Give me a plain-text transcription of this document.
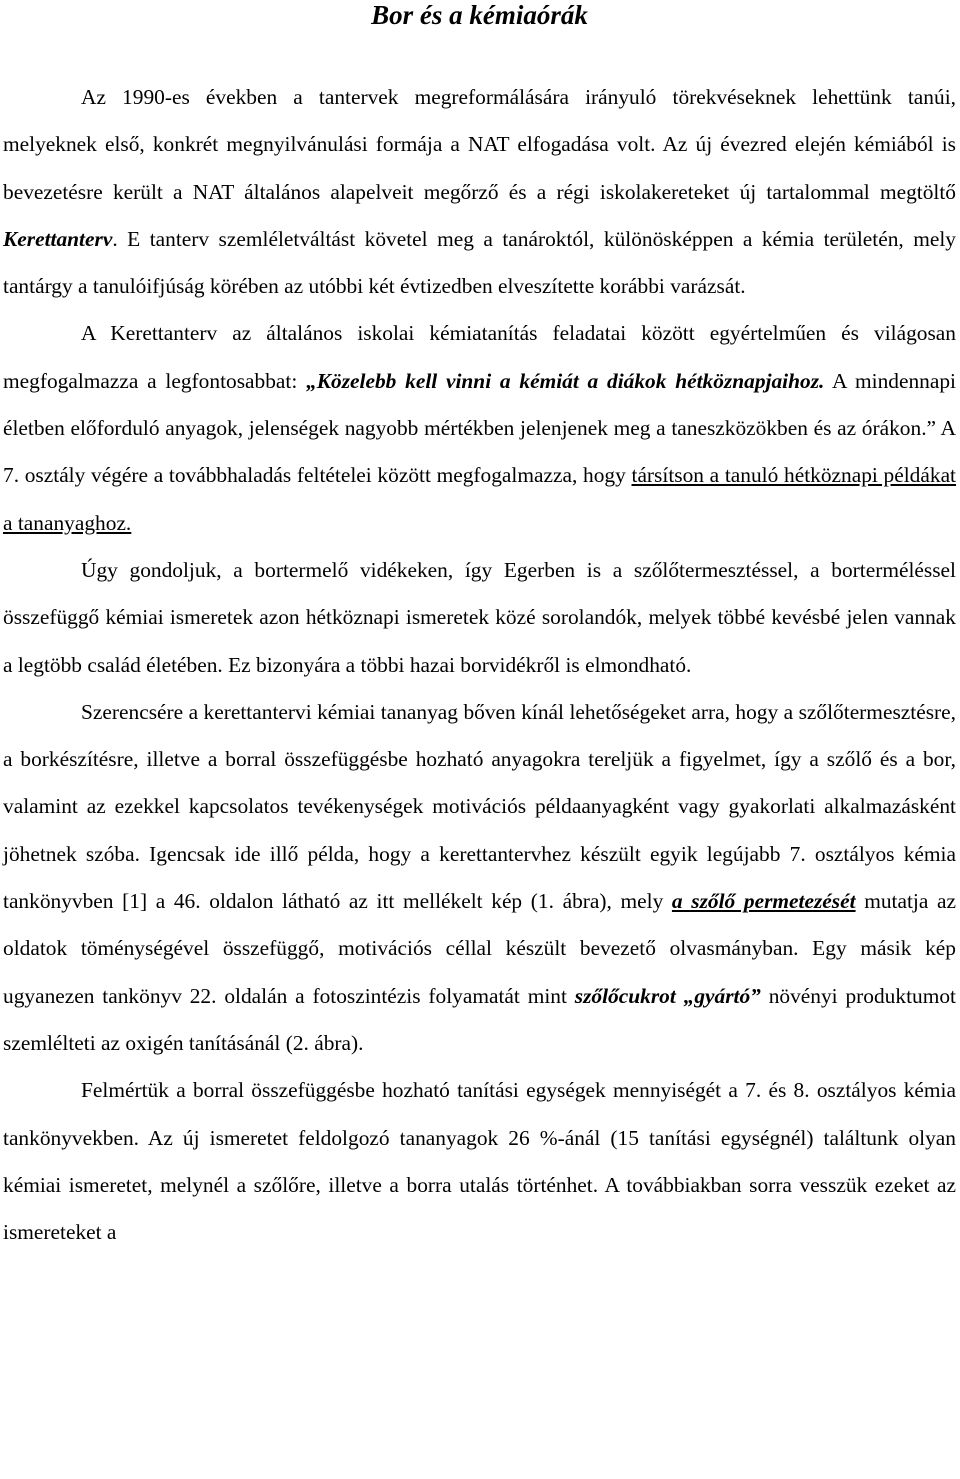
Bor és a kémiaórák

Az 1990-es években a tantervek megreformálására irányuló törekvéseknek lehettünk tanúi, melyeknek első, konkrét megnyilvánulási formája a NAT elfogadása volt. Az új évezred elején kémiából is bevezetésre került a NAT általános alapelveit megőrző és a régi iskolakereteket új tartalommal megtöltő Kerettanterv. E tanterv szemléletváltást követel meg a tanároktól, különösképpen a kémia területén, mely tantárgy a tanulóifjúság körében az utóbbi két évtizedben elveszítette korábbi varázsát.

A Kerettanterv az általános iskolai kémiatanítás feladatai között egyértelműen és világosan megfogalmazza a legfontosabbat: „Közelebb kell vinni a kémiát a diákok hétköznapjaihoz. A mindennapi életben előforduló anyagok, jelenségek nagyobb mértékben jelenjenek meg a taneszközökben és az órákon.” A 7. osztály végére a továbbhaladás feltételei között megfogalmazza, hogy társítson a tanuló hétköznapi példákat a tananyaghoz.

Úgy gondoljuk, a bortermelő vidékeken, így Egerben is a szőlőtermesztéssel, a borterméléssel összefüggő kémiai ismeretek azon hétköznapi ismeretek közé sorolandók, melyek többé kevésbé jelen vannak a legtöbb család életében. Ez bizonyára a többi hazai borvidékről is elmondható.

Szerencsére a kerettantervi kémiai tananyag bőven kínál lehetőségeket arra, hogy a szőlőtermesztésre, a borkészítésre, illetve a borral összefüggésbe hozható anyagokra tereljük a figyelmet, így a szőlő és a bor, valamint az ezekkel kapcsolatos tevékenységek motivációs példaanyagként vagy gyakorlati alkalmazásként jöhetnek szóba. Igencsak ide illő példa, hogy a kerettantervhez készült egyik legújabb 7. osztályos kémia tankönyvben [1] a 46. oldalon látható az itt mellékelt kép (1. ábra), mely a szőlő permetezését mutatja az oldatok töménységével összefüggő, motivációs céllal készült bevezető olvasmányban. Egy másik kép ugyanezen tankönyv 22. oldalán a fotoszintézis folyamatát mint szőlőcukrot „gyártó” növényi produktumot szemlélteti az oxigén tanításánál (2. ábra).

Felmértük a borral összefüggésbe hozható tanítási egységek mennyiségét a 7. és 8. osztályos kémia tankönyvekben. Az új ismeretet feldolgozó tananyagok 26 %-ánál (15 tanítási egységnél) találtunk olyan kémiai ismeretet, melynél a szőlőre, illetve a borra utalás történhet. A továbbiakban sorra vesszük ezeket az ismereteket a
